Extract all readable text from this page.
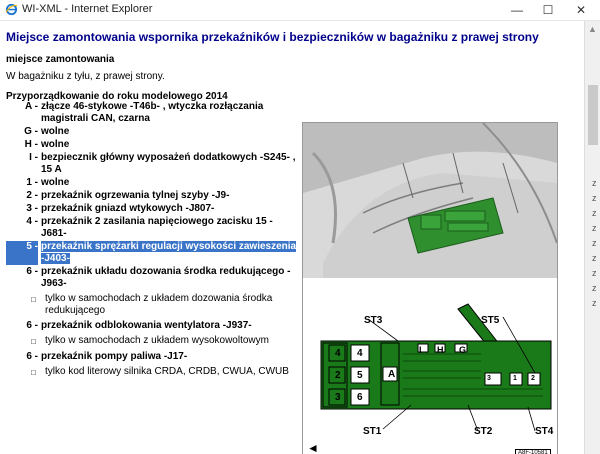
WI-XML - Internet Explorer	—	☐	✕
Miejsce zamontowania wspornika przekaźników i bezpieczników w bagażniku z prawej strony
miejsce zamontowania
W bagażniku z tyłu, z prawej strony.
Przyporządkowanie do roku modelowego 2014
A - złącze 46-stykowe -T46b- , wtyczka rozłączania magistrali CAN, czarna
G - wolne
H - wolne
I - bezpiecznik główny wyposażeń dodatkowych -S245- , 15 A
1 - wolne
2 - przekaźnik ogrzewania tylnej szyby -J9-
3 - przekaźnik gniazd wtykowych -J807-
4 - przekaźnik 2 zasilania napięciowego zacisku 15 -J681-
5 - przekaźnik sprężarki regulacji wysokości zawieszenia -J403-
6 - przekaźnik układu dozowania środka redukującego -J963-
□ tylko w samochodach z układem dozowania środka redukującego
6 - przekaźnik odblokowania wentylatora -J937-
□ tylko w samochodach z układem wysokowoltowym
6 - przekaźnik pompy paliwa -J17-
□ tylko kod literowy silnika CRDA, CRDB, CWUA, CWUB
ST3	ST5
I H G
A
4 4
5
2
3 6
3	1 2
ST1	ST2	ST4
◄	A8F-10581
▲
z
z
z
z
z
z
z
z
z
